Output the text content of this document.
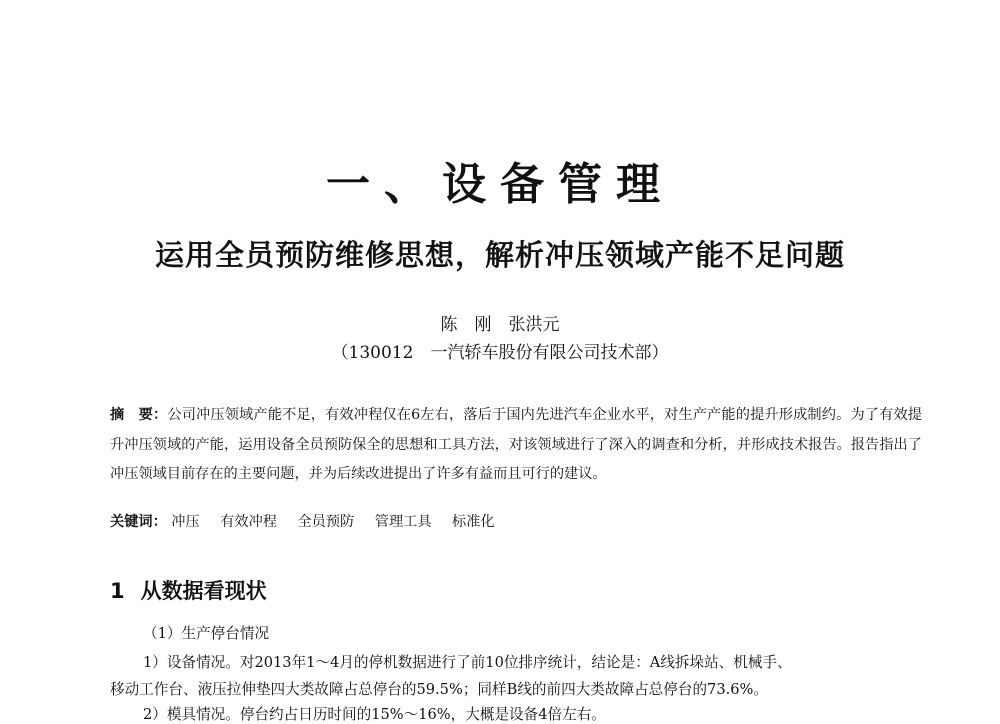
一、设备管理
运用全员预防维修思想，解析冲压领域产能不足问题
陈　刚　张洪元
（130012　一汽轿车股份有限公司技术部）
摘　要：公司冲压领域产能不足，有效冲程仅在6左右，落后于国内先进汽车企业水平，对生产产能的提升形成制约。为了有效提升冲压领域的产能，运用设备全员预防保全的思想和工具方法，对该领域进行了深入的调查和分析，并形成技术报告。报告指出了冲压领域目前存在的主要问题，并为后续改进提出了许多有益而且可行的建议。
关键词： 冲压 有效冲程 全员预防 管理工具 标准化
1 从数据看现状
（1）生产停台情况
1）设备情况。对2013年1～4月的停机数据进行了前10位排序统计，结论是：A线拆垛站、机械手、
移动工作台、液压拉伸垫四大类故障占总停台的59.5%；同样B线的前四大类故障占总停台的73.6%。
2）模具情况。停台约占日历时间的15%～16%，大概是设备4倍左右。
